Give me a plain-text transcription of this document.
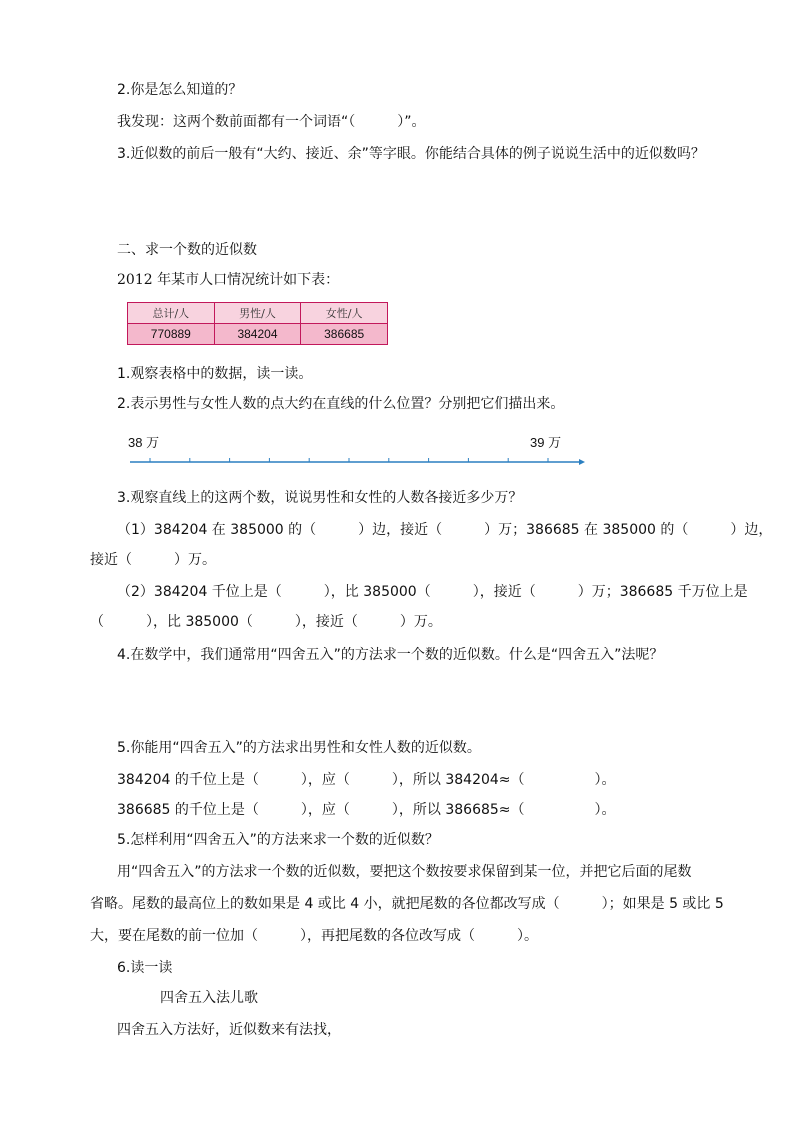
2.你是怎么知道的？
我发现：这两个数前面都有一个词语“（　　　）”。
3.近似数的前后一般有“大约、接近、余”等字眼。你能结合具体的例子说说生活中的近似数吗？
二、求一个数的近似数
2012 年某市人口情况统计如下表：
总计/人	男性/人	女性/人
770889	384204	386685
1.观察表格中的数据，读一读。
2.表示男性与女性人数的点大约在直线的什么位置？分别把它们描出来。
38 万	39 万
3.观察直线上的这两个数，说说男性和女性的人数各接近多少万？
（1）384204 在 385000 的（　　　）边，接近（　　　）万；386685 在 385000 的（　　　）边，
接近（　　　）万。
（2）384204 千位上是（　　　），比 385000（　　　），接近（　　　）万；386685 千万位上是
（　　　），比 385000（　　　），接近（　　　）万。
4.在数学中，我们通常用“四舍五入”的方法求一个数的近似数。什么是“四舍五入”法呢？
5.你能用“四舍五入”的方法求出男性和女性人数的近似数。
384204 的千位上是（　　　），应（　　　），所以 384204≈（　　　　　）。
386685 的千位上是（　　　），应（　　　），所以 386685≈（　　　　　）。
5.怎样利用“四舍五入”的方法来求一个数的近似数？
用“四舍五入”的方法求一个数的近似数，要把这个数按要求保留到某一位，并把它后面的尾数
省略。尾数的最高位上的数如果是 4 或比 4 小，就把尾数的各位都改写成（　　　）；如果是 5 或比 5
大，要在尾数的前一位加（　　　），再把尾数的各位改写成（　　　）。
6.读一读
四舍五入法儿歌
四舍五入方法好，近似数来有法找，
